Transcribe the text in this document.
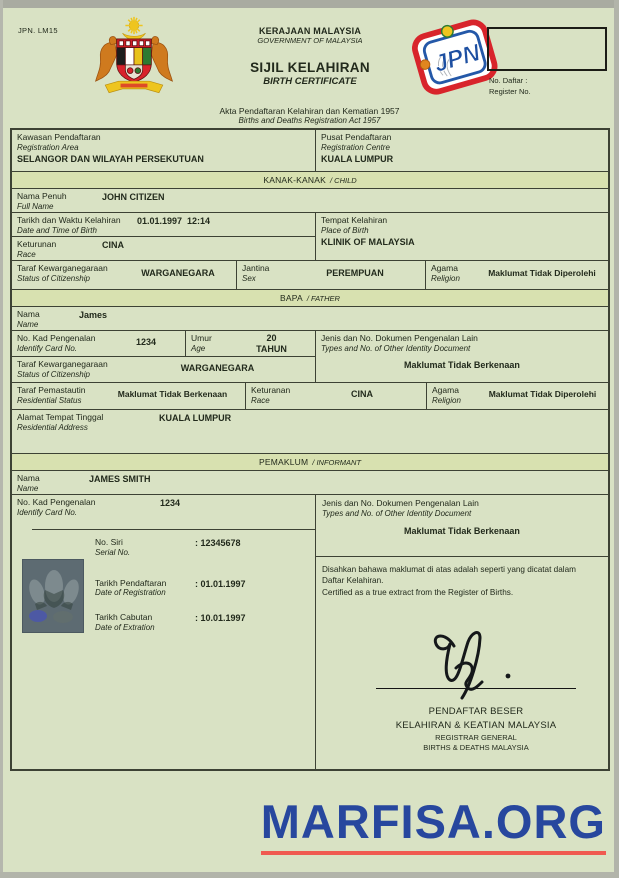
JPN. LM15	KERAJAAN MALAYSIA
GOVERNMENT OF MALAYSIA
SIJIL KELAHIRAN
BIRTH CERTIFICATE
JPN
No. Daftar :
Register No.
Akta Pendaftaran Kelahiran dan Kematian 1957
Births and Deaths Registration Act 1957
Kawasan Pendaftaran
Registration Area
SELANGOR DAN WILAYAH PERSEKUTUAN
Pusat Pendaftaran
Registration Centre
KUALA LUMPUR
KANAK-KANAK / CHILD
Nama Penuh
Full Name
JOHN CITIZEN
Tarikh dan Waktu Kelahiran
Date and Time of Birth
01.01.1997  12:14
Keturunan
Race
CINA
Tempat Kelahiran
Place of Birth
KLINIK OF MALAYSIA
Taraf Kewarganegaraan
Status of Citizenship
WARGANEGARA	Jantina
Sex
PEREMPUAN	Agama
Religion
Maklumat Tidak Diperolehi
BAPA / FATHER
Nama
Name
James
No. Kad Pengenalan
Identify Card No.
1234	Umur
Age
20
TAHUN
Taraf Kewarganegaraan
Status of Citizenship
WARGANEGARA
Jenis dan No. Dokumen Pengenalan Lain
Types and No. of Other Identity Document
Maklumat Tidak Berkenaan
Taraf Pemastautin
Residential Status
Maklumat Tidak Berkenaan	Keturanan
Race
CINA	Agama
Religion
Maklumat Tidak Diperolehi
Alamat Tempat Tinggal
Residential Address
KUALA LUMPUR
PEMAKLUM / INFORMANT
Nama
Name
JAMES SMITH
No. Kad Pengenalan
Identify Card No.
1234
No. Siri
Serial No.
: 12345678
Tarikh Pendaftaran
Date of Registration
: 01.01.1997
Tarikh Cabutan
Date of Extration
: 10.01.1997
Jenis dan No. Dokumen Pengenalan Lain
Types and No. of Other Identity Document
Maklumat Tidak Berkenaan
Disahkan bahawa maklumat di atas adalah seperti yang dicatat dalam
Daftar Kelahiran.
Certified as a true extract from the Register of Births.
PENDAFTAR BESER
KELAHIRAN & KEATIAN MALAYSIA
REGISTRAR GENERAL
BIRTHS & DEATHS MALAYSIA
MARFISA.ORG
